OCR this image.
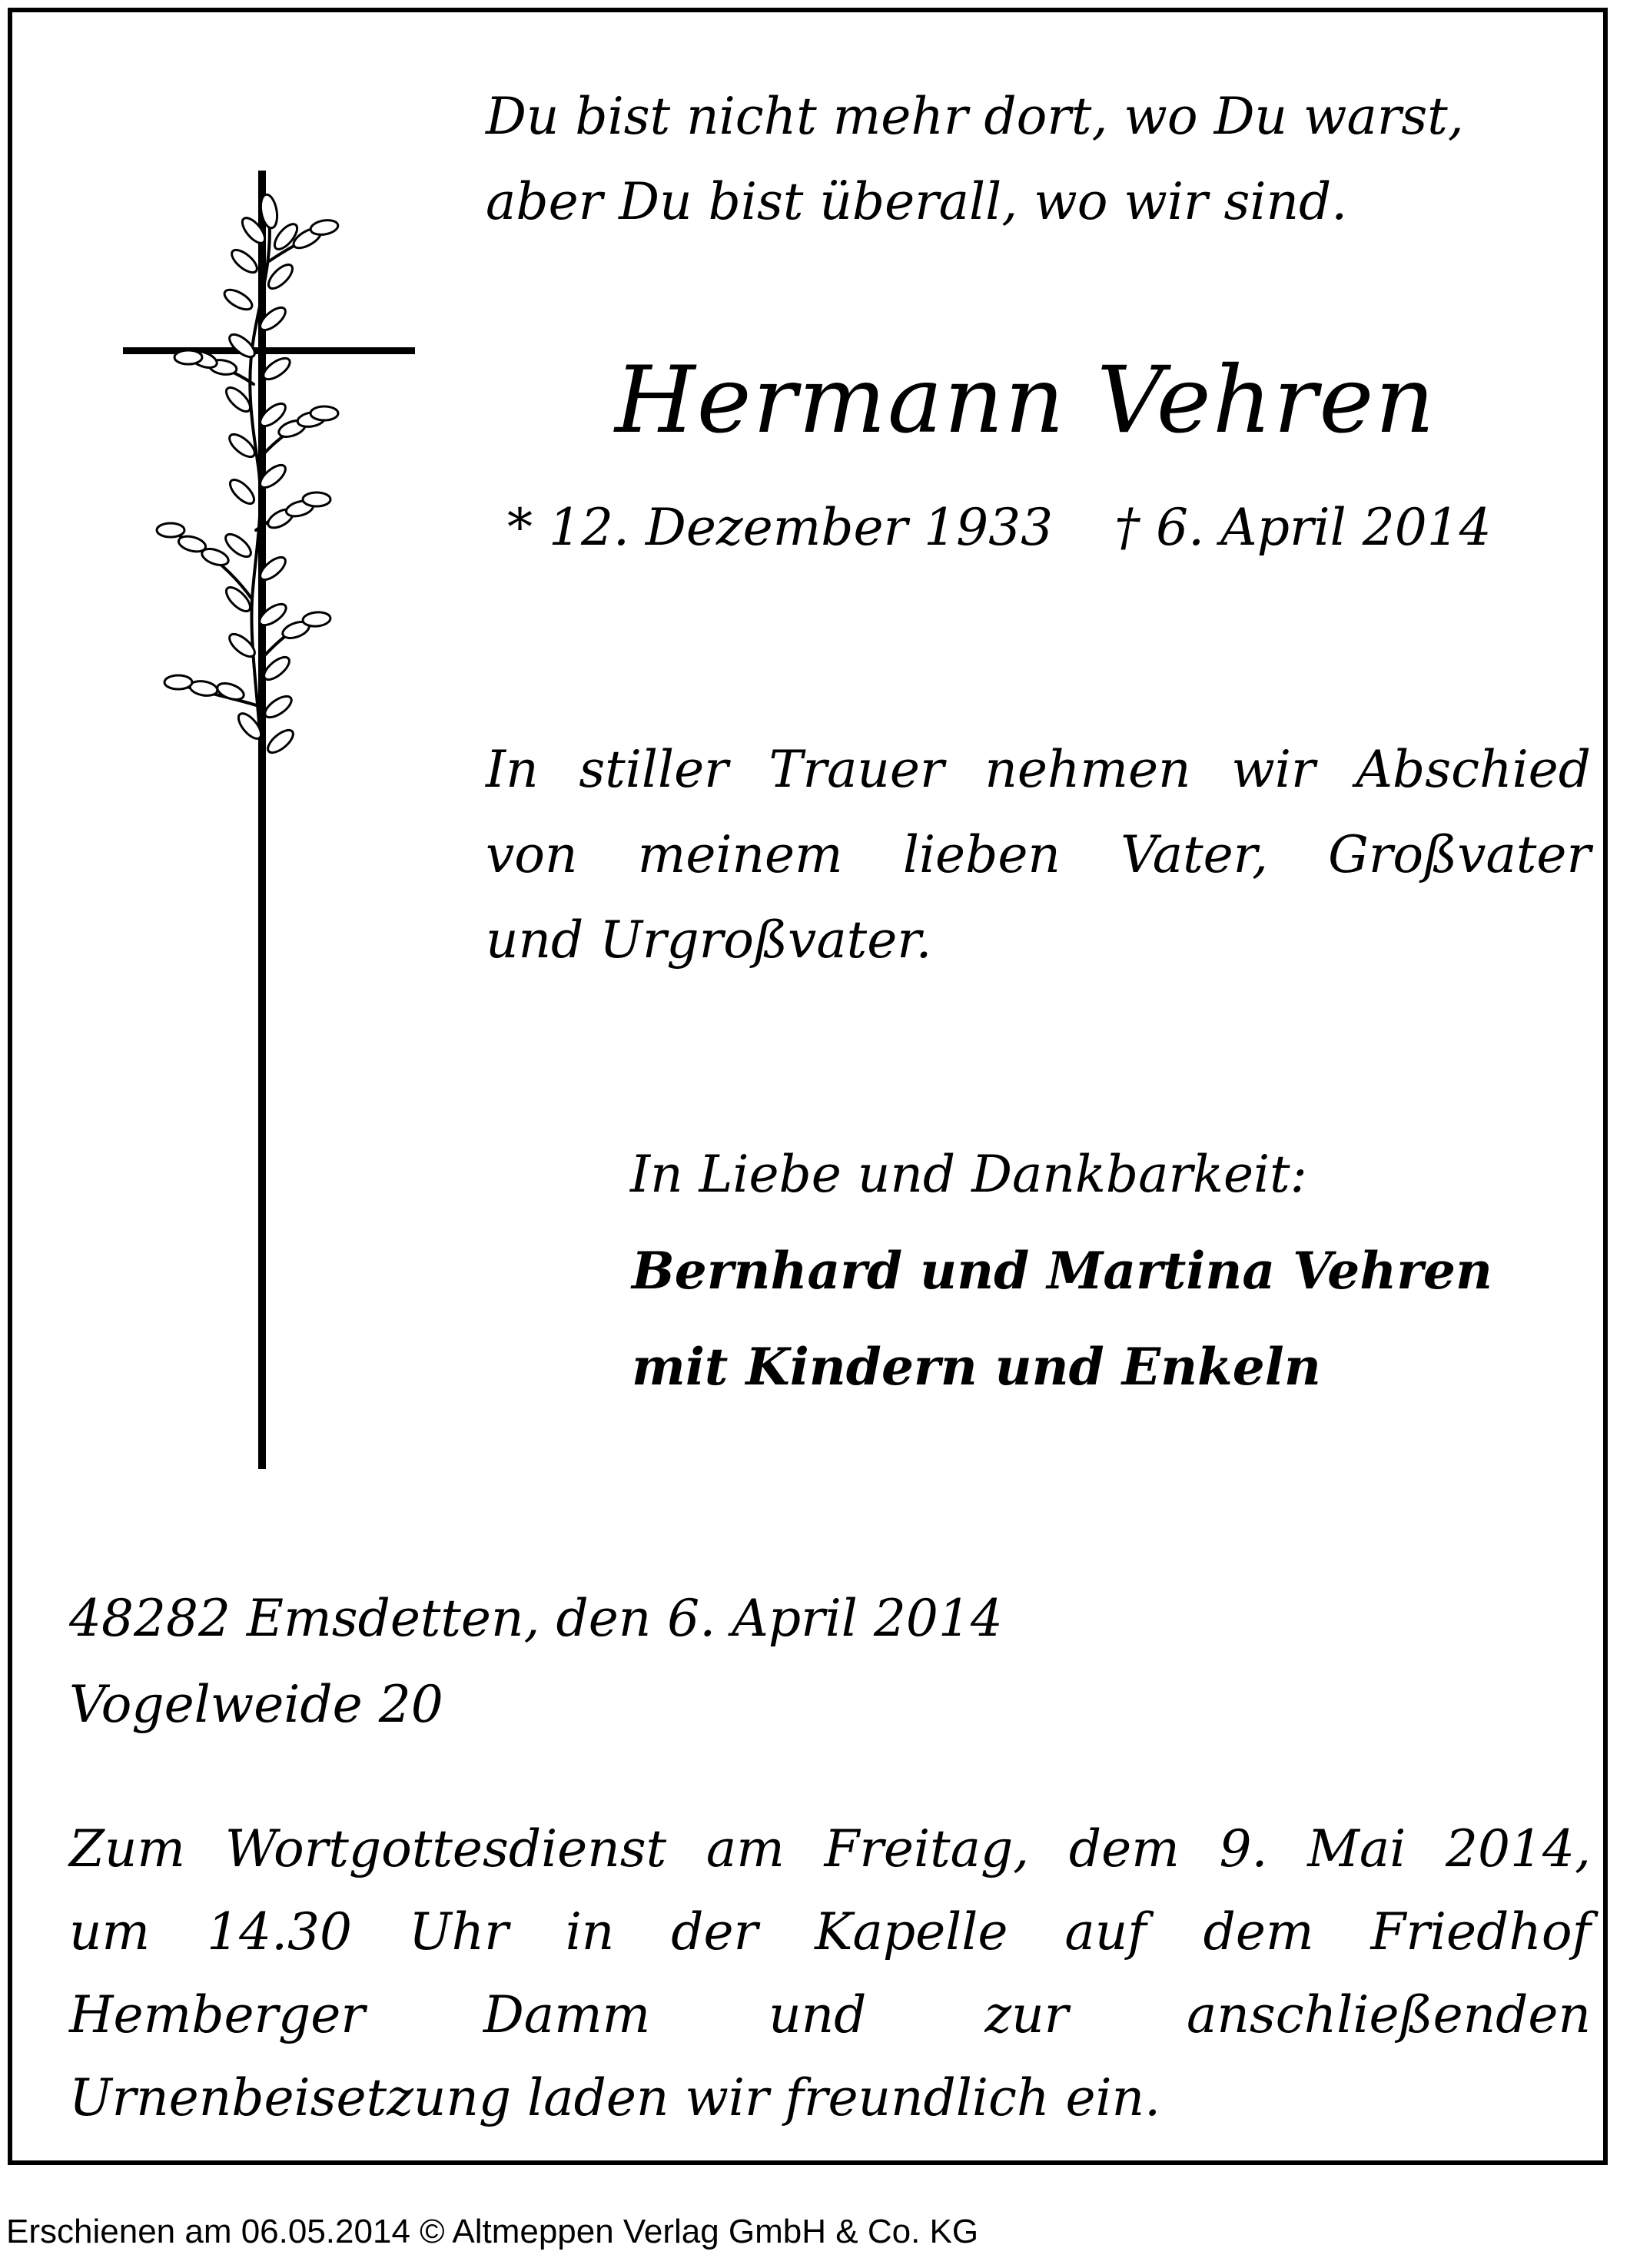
Du bist nicht mehr dort, wo Du warst,
aber Du bist überall, wo wir sind.
Hermann Vehren
* 12. Dezember 1933 † 6. April 2014
In stiller Trauer nehmen wir Abschied
von meinem lieben Vater, Großvater
und Urgroßvater.
In Liebe und Dankbarkeit:
Bernhard und Martina Vehren
mit Kindern und Enkeln
48282 Emsdetten, den 6. April 2014
Vogelweide 20
Zum Wortgottesdienst am Freitag, dem 9. Mai 2014,
um 14.30 Uhr in der Kapelle auf dem Friedhof
Hemberger Damm und zur anschließenden
Urnenbeisetzung laden wir freundlich ein.
Erschienen am 06.05.2014 © Altmeppen Verlag GmbH & Co. KG
